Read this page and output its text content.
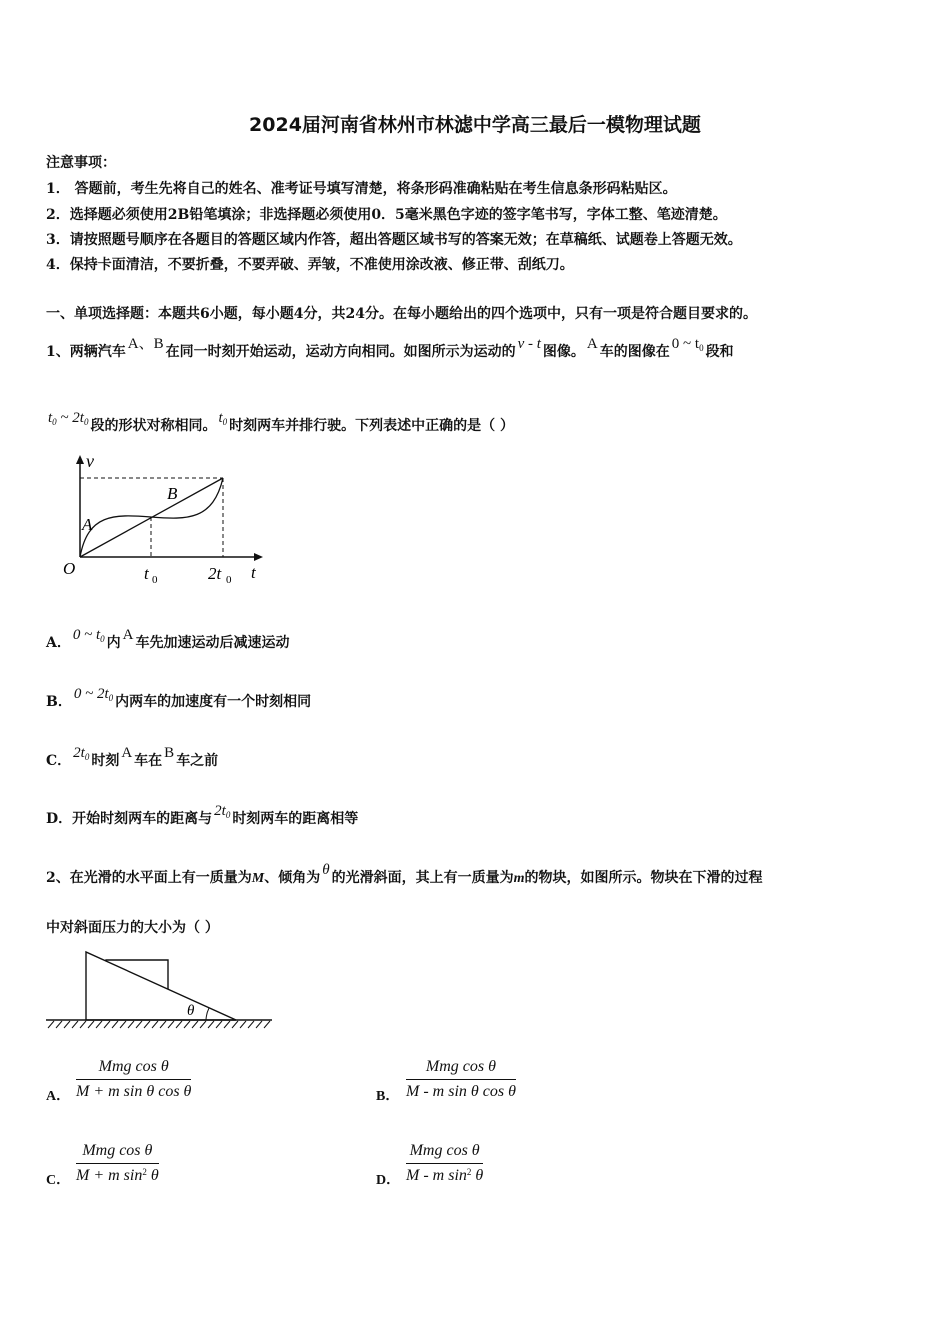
2024届河南省林州市林滤中学高三最后一模物理试题
注意事项：
1． 答题前，考生先将自己的姓名、准考证号填写清楚，将条形码准确粘贴在考生信息条形码粘贴区。
2．选择题必须使用2B铅笔填涂；非选择题必须使用0．5毫米黑色字迹的签字笔书写，字体工整、笔迹清楚。
3．请按照题号顺序在各题目的答题区域内作答，超出答题区域书写的答案无效；在草稿纸、试题卷上答题无效。
4．保持卡面清洁，不要折叠，不要弄破、弄皱，不准使用涂改液、修正带、刮纸刀。
一、单项选择题：本题共6小题，每小题4分，共24分。在每小题给出的四个选项中，只有一项是符合题目要求的。
1、两辆汽车 A、B 在同一时刻开始运动，运动方向相同。如图所示为运动的 v - t 图像。 A 车的图像在 0 ~ $t_0$ 段和
$t_0$ ~ $2t_0$ 段的形状对称相同。 $t_0$ 时刻两车并排行驶。下列表述中正确的是（ ）
v
A
B
O	t 0	2t 0 t
A． 0 ~ $t_0$ 内 A 车先加速运动后减速运动
B． 0 ~ $2t_0$ 内两车的加速度有一个时刻相同
C． $2t_0$ 时刻 A 车在 B 车之前
D．开始时刻两车的距离与 $2t_0$ 时刻两车的距离相等
2、在光滑的水平面上有一质量为M、倾角为 θ 的光滑斜面，其上有一质量为m的物块，如图所示。物块在下滑的过程
中对斜面压力的大小为（ ）
θ
A．
Mmg cos θ
M + m sin θ cos θ	B．
Mmg cos θ
M - m sin θ cos θ
C．
Mmg cos θ
M + m $\sin^2 \theta$	D．
Mmg cos θ
M - m $\sin^2 \theta$
